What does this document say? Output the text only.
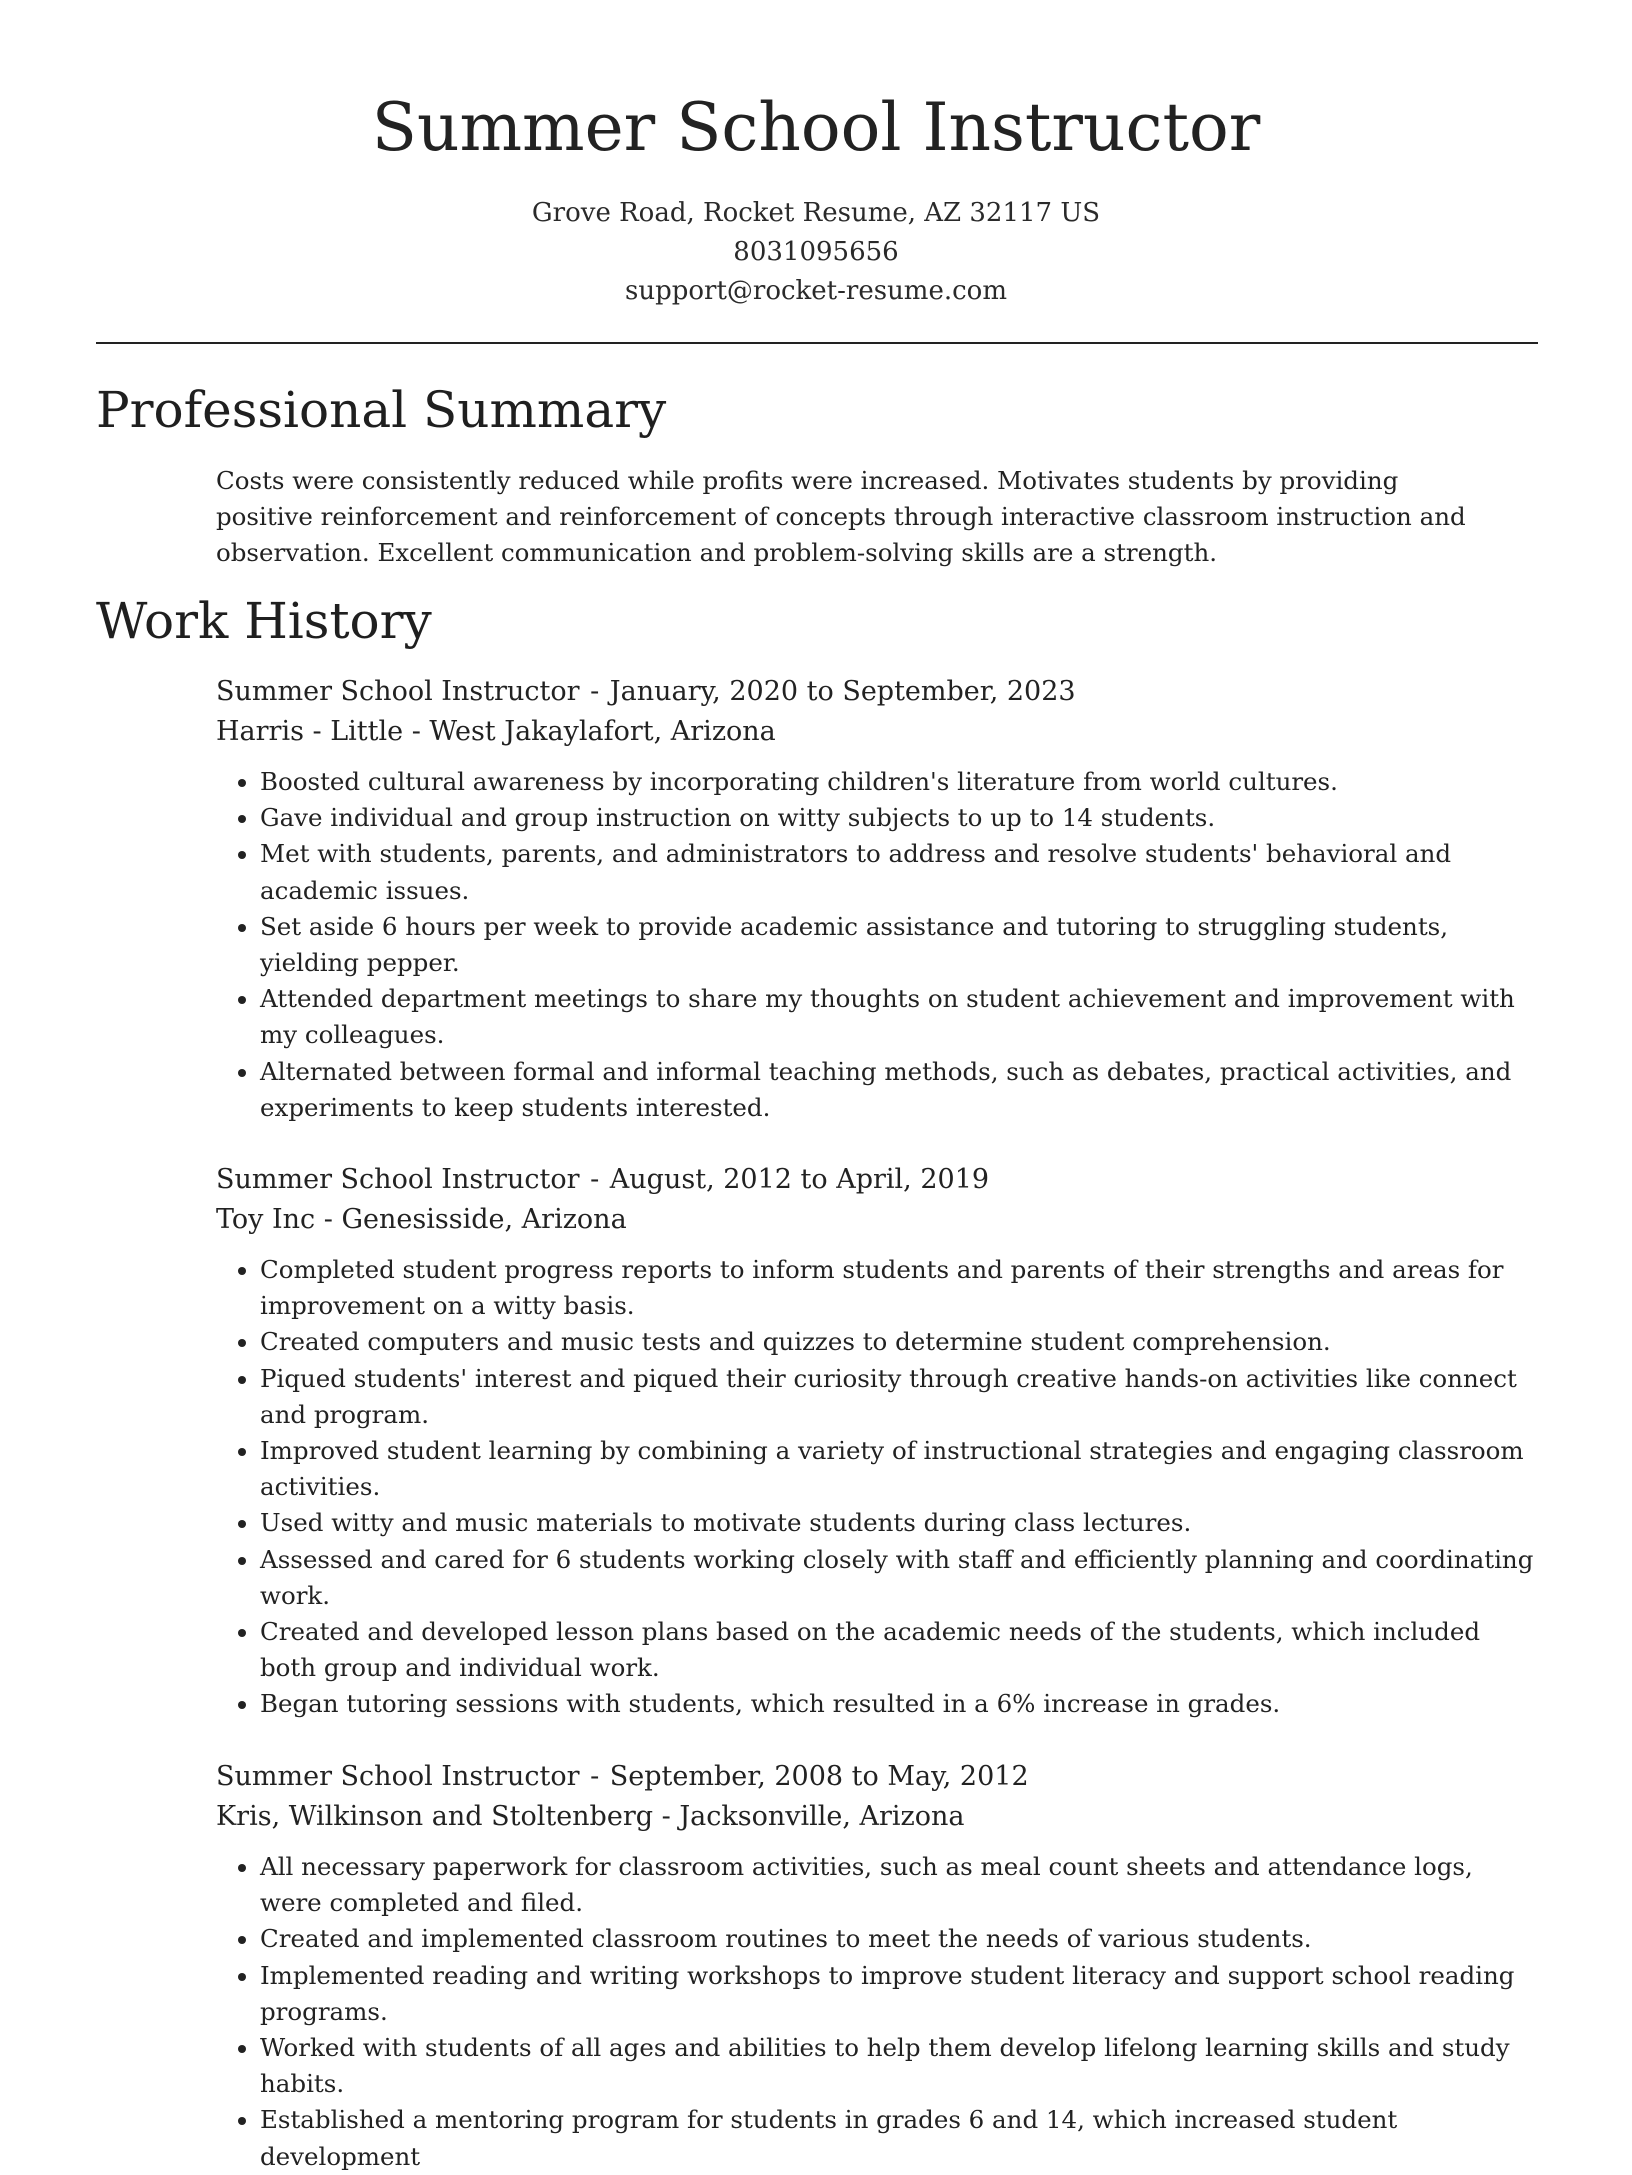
Summer School Instructor
Grove Road, Rocket Resume, AZ 32117 US
8031095656
support@rocket-resume.com
Professional Summary

Costs were consistently reduced while profits were increased. Motivates students by providing positive reinforcement and reinforcement of concepts through interactive classroom instruction and observation. Excellent communication and problem-solving skills are a strength.

Work History
Summer School Instructor - January, 2020 to September, 2023
Harris - Little - West Jakaylafort, Arizona
• Boosted cultural awareness by incorporating children's literature from world cultures.
• Gave individual and group instruction on witty subjects to up to 14 students.
• Met with students, parents, and administrators to address and resolve students' behavioral and academic issues.
• Set aside 6 hours per week to provide academic assistance and tutoring to struggling students, yielding pepper.
• Attended department meetings to share my thoughts on student achievement and improvement with my colleagues.
• Alternated between formal and informal teaching methods, such as debates, practical activities, and experiments to keep students interested.
Summer School Instructor - August, 2012 to April, 2019
Toy Inc - Genesisside, Arizona
• Completed student progress reports to inform students and parents of their strengths and areas for improvement on a witty basis.
• Created computers and music tests and quizzes to determine student comprehension.
• Piqued students' interest and piqued their curiosity through creative hands-on activities like connect and program.
• Improved student learning by combining a variety of instructional strategies and engaging classroom activities.
• Used witty and music materials to motivate students during class lectures.
• Assessed and cared for 6 students working closely with staff and efficiently planning and coordinating work.
• Created and developed lesson plans based on the academic needs of the students, which included both group and individual work.
• Began tutoring sessions with students, which resulted in a 6% increase in grades.
Summer School Instructor - September, 2008 to May, 2012
Kris, Wilkinson and Stoltenberg - Jacksonville, Arizona
• All necessary paperwork for classroom activities, such as meal count sheets and attendance logs, were completed and filed.
• Created and implemented classroom routines to meet the needs of various students.
• Implemented reading and writing workshops to improve student literacy and support school reading programs.
• Worked with students of all ages and abilities to help them develop lifelong learning skills and study habits.
• Established a mentoring program for students in grades 6 and 14, which increased student development
